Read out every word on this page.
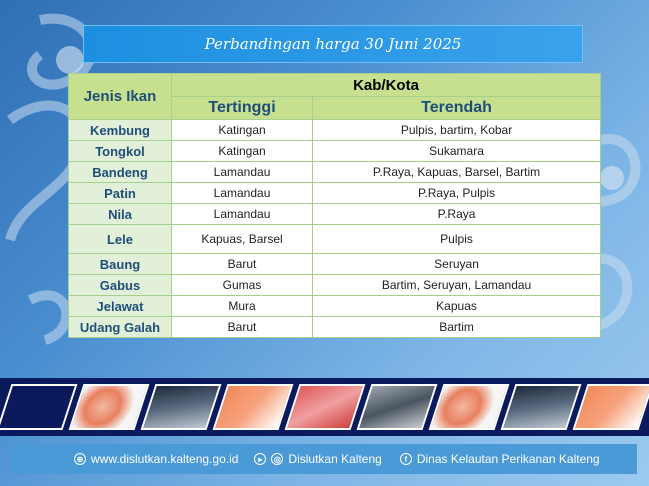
Perbandingan harga 30 Juni 2025
Jenis Ikan	Kab/Kota	
	Tertinggi	Terendah
Kembung	Katingan	Pulpis, bartim, Kobar
Tongkol	Katingan	Sukamara
Bandeng	Lamandau	P.Raya, Kapuas, Barsel, Bartim
Patin	Lamandau	P.Raya, Pulpis
Nila	Lamandau	P.Raya
Lele	Kapuas, Barsel	Pulpis
Baung	Barut	Seruyan
Gabus	Gumas	Bartim, Seruyan, Lamandau
Jelawat	Mura	Kapuas
Udang Galah	Barut	Bartim
⊕ www.dislutkan.kalteng.go.id	▸	◎ Dislutkan Kalteng	f Dinas Kelautan Perikanan Kalteng
